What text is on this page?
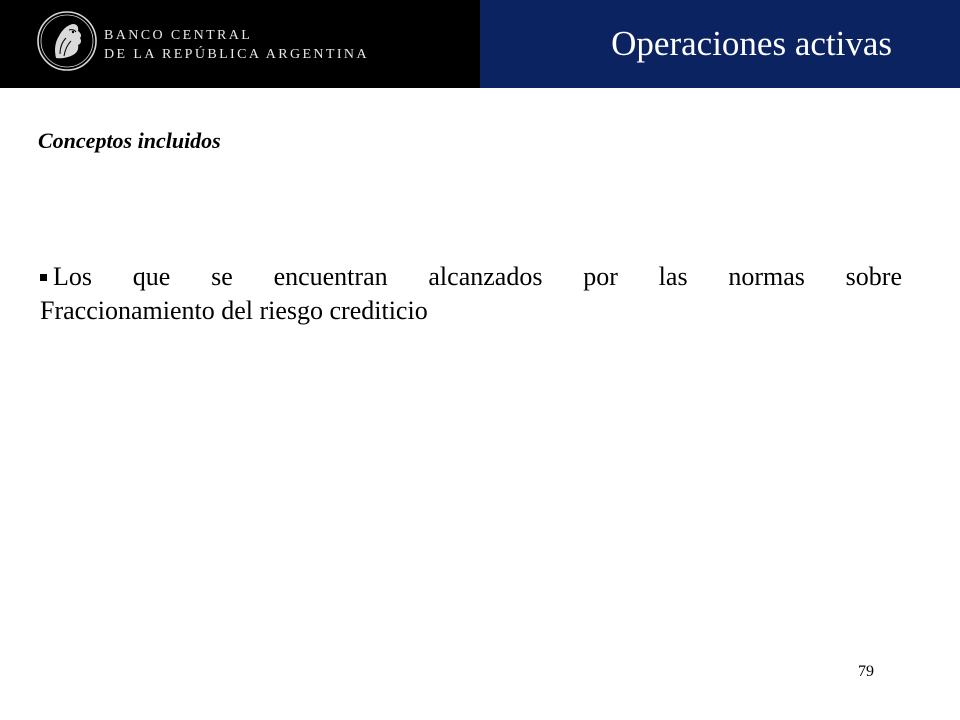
BANCO CENTRAL
DE LA REPÚBLICA ARGENTINA	Operaciones activas
Conceptos incluidos
Los que se encuentran alcanzados por las normas sobre
Fraccionamiento del riesgo crediticio
79
